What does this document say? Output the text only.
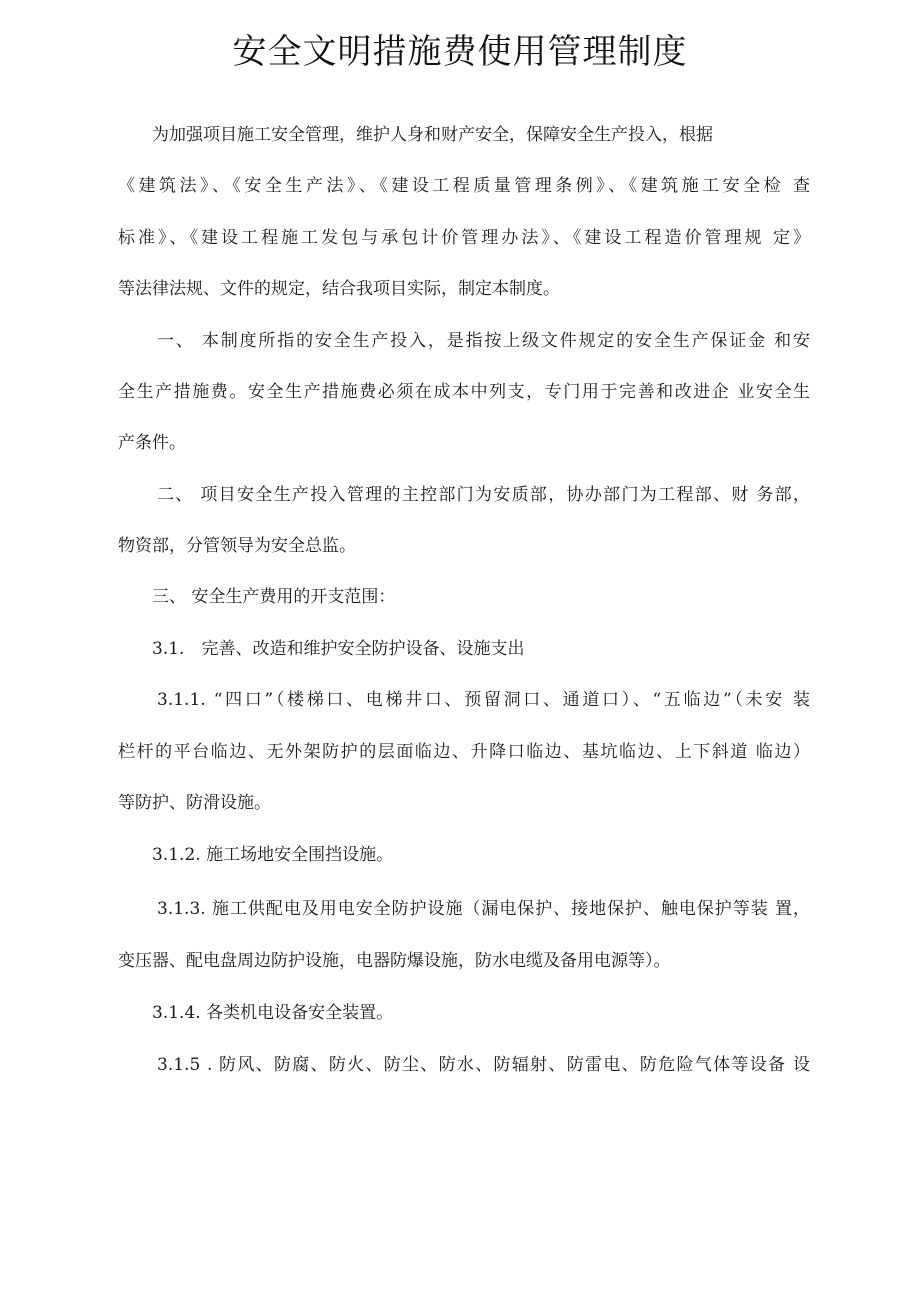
安全文明措施费使用管理制度
为加强项目施工安全管理，维护人身和财产安全，保障安全生产投入，根据
《建筑法》、《安全生产法》、《建设工程质量管理条例》、《建筑施工安全检 查
标准》、《建设工程施工发包与承包计价管理办法》、《建设工程造价管理规 定》
等法律法规、文件的规定，结合我项目实际，制定本制度。
一、 本制度所指的安全生产投入，是指按上级文件规定的安全生产保证金 和安
全生产措施费。安全生产措施费必须在成本中列支，专门用于完善和改进企 业安全生
产条件。
二、 项目安全生产投入管理的主控部门为安质部，协办部门为工程部、财 务部，
物资部，分管领导为安全总监。
三、 安全生产费用的开支范围：
3.1.　完善、改造和维护安全防护设备、设施支出
3.1.1. “四口”（楼梯口、电梯井口、预留洞口、通道口）、“五临边”（未安 装
栏杆的平台临边、无外架防护的层面临边、升降口临边、基坑临边、上下斜道 临边）
等防护、防滑设施。
3.1.2. 施工场地安全围挡设施。
3.1.3. 施工供配电及用电安全防护设施（漏电保护、接地保护、触电保护等装 置，
变压器、配电盘周边防护设施，电器防爆设施，防水电缆及备用电源等）。
3.1.4. 各类机电设备安全装置。
3.1.5 . 防风、防腐、防火、防尘、防水、防辐射、防雷电、防危险气体等设备 设
